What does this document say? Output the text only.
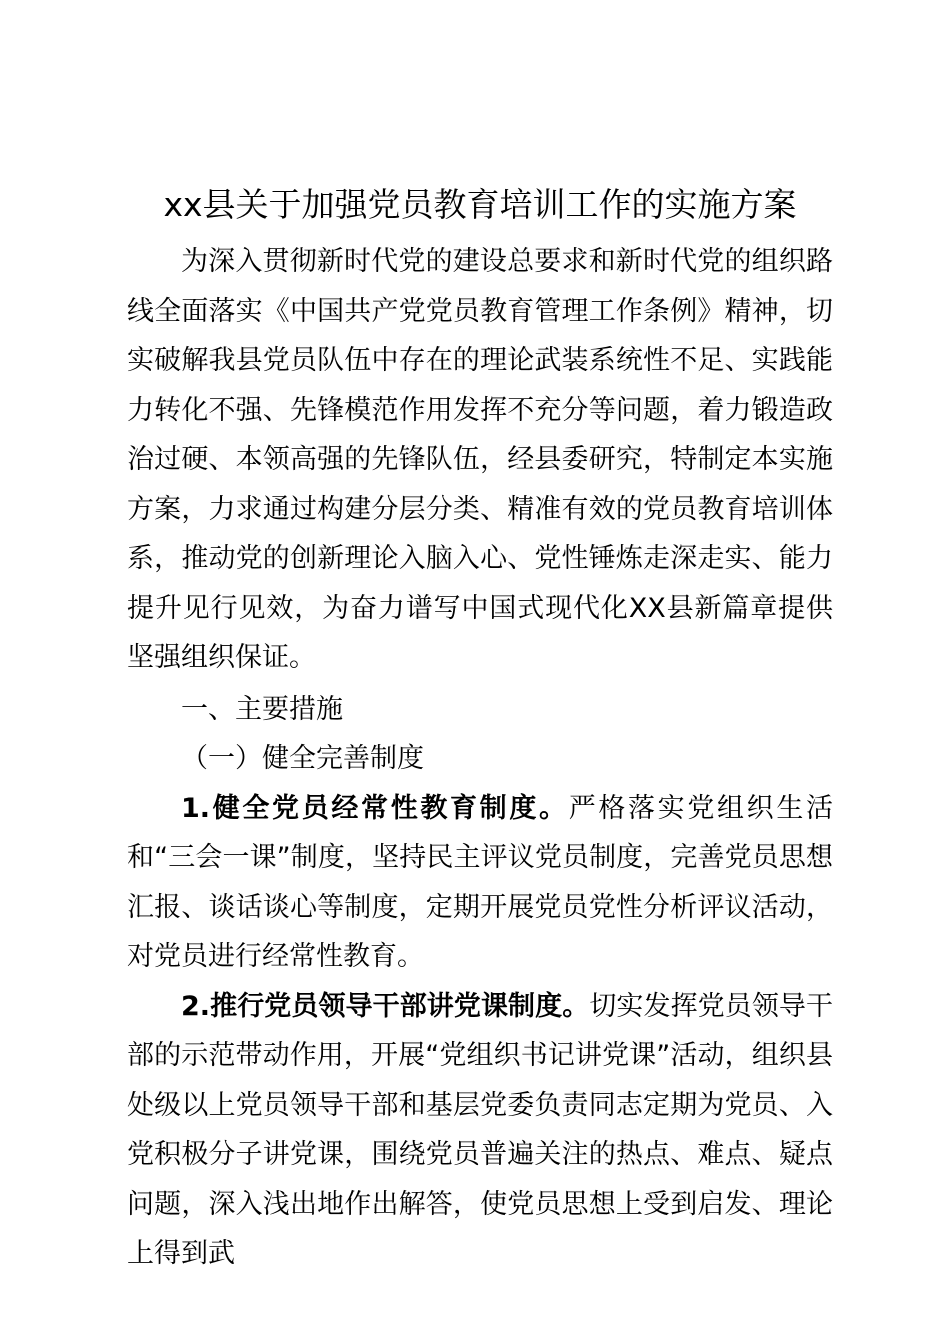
xx县关于加强党员教育培训工作的实施方案

为深入贯彻新时代党的建设总要求和新时代党的组织路线全面落实《中国共产党党员教育管理工作条例》精神，切实破解我县党员队伍中存在的理论武装系统性不足、实践能力转化不强、先锋模范作用发挥不充分等问题，着力锻造政治过硬、本领高强的先锋队伍，经县委研究，特制定本实施方案，力求通过构建分层分类、精准有效的党员教育培训体系，推动党的创新理论入脑入心、党性锤炼走深走实、能力提升见行见效，为奋力谱写中国式现代化XX县新篇章提供坚强组织保证。

一、主要措施

（一）健全完善制度

1.健全党员经常性教育制度。严格落实党组织生活和“三会一课”制度，坚持民主评议党员制度，完善党员思想汇报、谈话谈心等制度，定期开展党员党性分析评议活动，对党员进行经常性教育。

2.推行党员领导干部讲党课制度。切实发挥党员领导干部的示范带动作用，开展“党组织书记讲党课”活动，组织县处级以上党员领导干部和基层党委负责同志定期为党员、入党积极分子讲党课，围绕党员普遍关注的热点、难点、疑点问题，深入浅出地作出解答，使党员思想上受到启发、理论上得到武
